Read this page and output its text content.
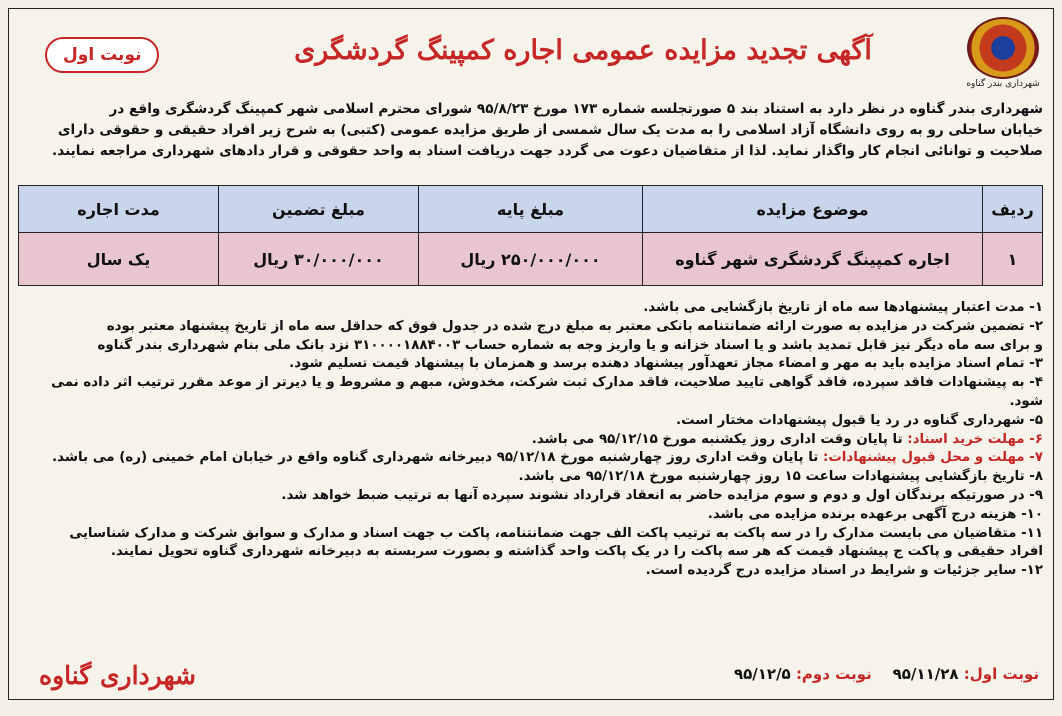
شهرداری بندر گناوه
آگهی تجدید مزایده عمومی اجاره کمپینگ گردشگری
نوبت اول

شهرداری بندر گناوه در نظر دارد به استناد بند ۵ صورتجلسه شماره ۱۷۳ مورخ ۹۵/۸/۲۳ شورای محترم اسلامی شهر کمپینگ گردشگری واقع در

خیابان ساحلی رو به روی دانشگاه آزاد اسلامی را به مدت یک سال شمسی از طریق مزایده عمومی (کتبی) به شرح زیر افراد حقیقی و حقوقی دارای

صلاحیت و توانائی انجام کار واگذار نماید. لذا از متقاضیان دعوت می گردد جهت دریافت اسناد به واحد حقوقی و قرار دادهای شهرداری مراجعه نمایند.

ردیف	موضوع مزایده	مبلغ پایه	مبلغ تضمین	مدت اجاره
۱	اجاره کمپینگ گردشگری شهر گناوه	۲۵۰/۰۰۰/۰۰۰ ریال	۳۰/۰۰۰/۰۰۰ ریال	یک سال

۱- مدت اعتبار پیشنهادها سه ماه از تاریخ بازگشایی می باشد.

۲- تضمین شرکت در مزایده به صورت ارائه ضمانتنامه بانکی معتبر به مبلغ درج شده در جدول فوق که حداقل سه ماه از تاریخ پیشنهاد معتبر بوده

و برای سه ماه دیگر نیز قابل تمدید باشد و یا اسناد خزانه و یا واریز وجه به شماره حساب ۳۱۰۰۰۰۱۸۸۴۰۰۳ نزد بانک ملی بنام شهرداری بندر گناوه

۳- تمام اسناد مزایده باید به مهر و امضاء مجاز تعهدآور پیشنهاد دهنده برسد و همزمان با پیشنهاد قیمت تسلیم شود.

۴- به پیشنهادات فاقد سپرده، فاقد گواهی تایید صلاحیت، فاقد مدارک ثبت شرکت، مخدوش، مبهم و مشروط و یا دیرتر از موعد مقرر ترتیب اثر داده نمی شود.

۵- شهرداری گناوه در رد یا قبول پیشنهادات مختار است.

۶- مهلت خرید اسناد: تا پایان وقت اداری روز یکشنبه مورخ ۹۵/۱۲/۱۵ می باشد.

۷- مهلت و محل قبول پیشنهادات: تا پایان وقت اداری روز چهارشنبه مورخ ۹۵/۱۲/۱۸ دبیرخانه شهرداری گناوه واقع در خیابان امام خمینی (ره) می باشد.

۸- تاریخ بازگشایی پیشنهادات ساعت ۱۵ روز چهارشنبه مورخ ۹۵/۱۲/۱۸ می باشد.

۹- در صورتیکه برندگان اول و دوم و سوم مزایده حاضر به انعقاد قرارداد نشوند سپرده آنها به ترتیب ضبط خواهد شد.

۱۰- هزینه درج آگهی برعهده برنده مزایده می باشد.

۱۱- متقاضیان می بایست مدارک را در سه پاکت به ترتیب پاکت الف جهت ضمانتنامه، پاکت ب جهت اسناد و مدارک و سوابق شرکت و مدارک شناسایی

افراد حقیقی و پاکت ج پیشنهاد قیمت که هر سه پاکت را در یک پاکت واحد گذاشته و بصورت سربسته به دبیرخانه شهرداری گناوه تحویل نمایند.

۱۲- سایر جزئیات و شرایط در اسناد مزایده درج گردیده است.

نوبت اول: ۹۵/۱۱/۲۸    نوبت دوم: ۹۵/۱۲/۵
شهرداری گناوه
